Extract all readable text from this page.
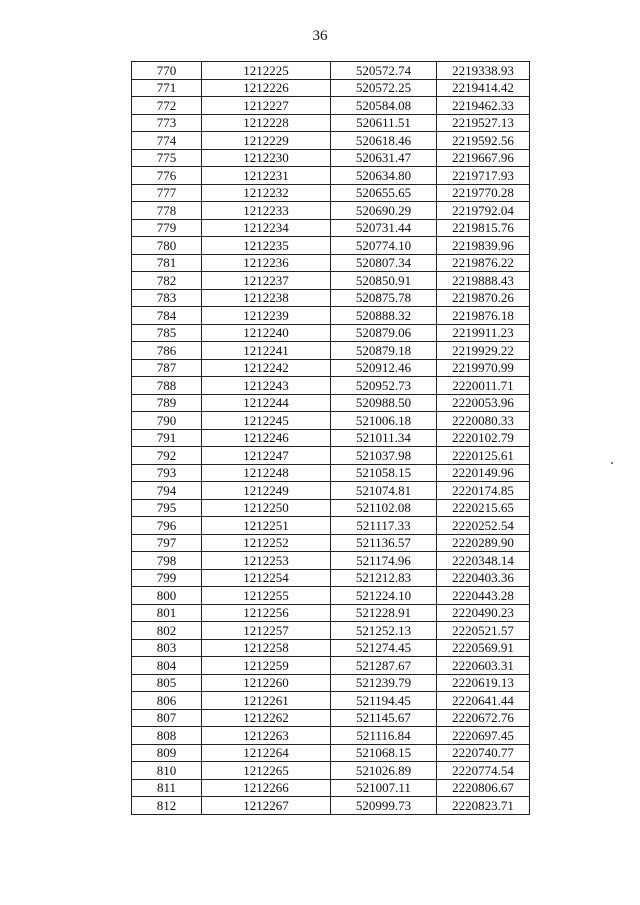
36
770	1212225	520572.74	2219338.93
771	1212226	520572.25	2219414.42
772	1212227	520584.08	2219462.33
773	1212228	520611.51	2219527.13
774	1212229	520618.46	2219592.56
775	1212230	520631.47	2219667.96
776	1212231	520634.80	2219717.93
777	1212232	520655.65	2219770.28
778	1212233	520690.29	2219792.04
779	1212234	520731.44	2219815.76
780	1212235	520774.10	2219839.96
781	1212236	520807.34	2219876.22
782	1212237	520850.91	2219888.43
783	1212238	520875.78	2219870.26
784	1212239	520888.32	2219876.18
785	1212240	520879.06	2219911.23
786	1212241	520879.18	2219929.22
787	1212242	520912.46	2219970.99
788	1212243	520952.73	2220011.71
789	1212244	520988.50	2220053.96
790	1212245	521006.18	2220080.33
791	1212246	521011.34	2220102.79
792	1212247	521037.98	2220125.61
793	1212248	521058.15	2220149.96
794	1212249	521074.81	2220174.85
795	1212250	521102.08	2220215.65
796	1212251	521117.33	2220252.54
797	1212252	521136.57	2220289.90
798	1212253	521174.96	2220348.14
799	1212254	521212.83	2220403.36
800	1212255	521224.10	2220443.28
801	1212256	521228.91	2220490.23
802	1212257	521252.13	2220521.57
803	1212258	521274.45	2220569.91
804	1212259	521287.67	2220603.31
805	1212260	521239.79	2220619.13
806	1212261	521194.45	2220641.44
807	1212262	521145.67	2220672.76
808	1212263	521116.84	2220697.45
809	1212264	521068.15	2220740.77
810	1212265	521026.89	2220774.54
811	1212266	521007.11	2220806.67
812	1212267	520999.73	2220823.71
